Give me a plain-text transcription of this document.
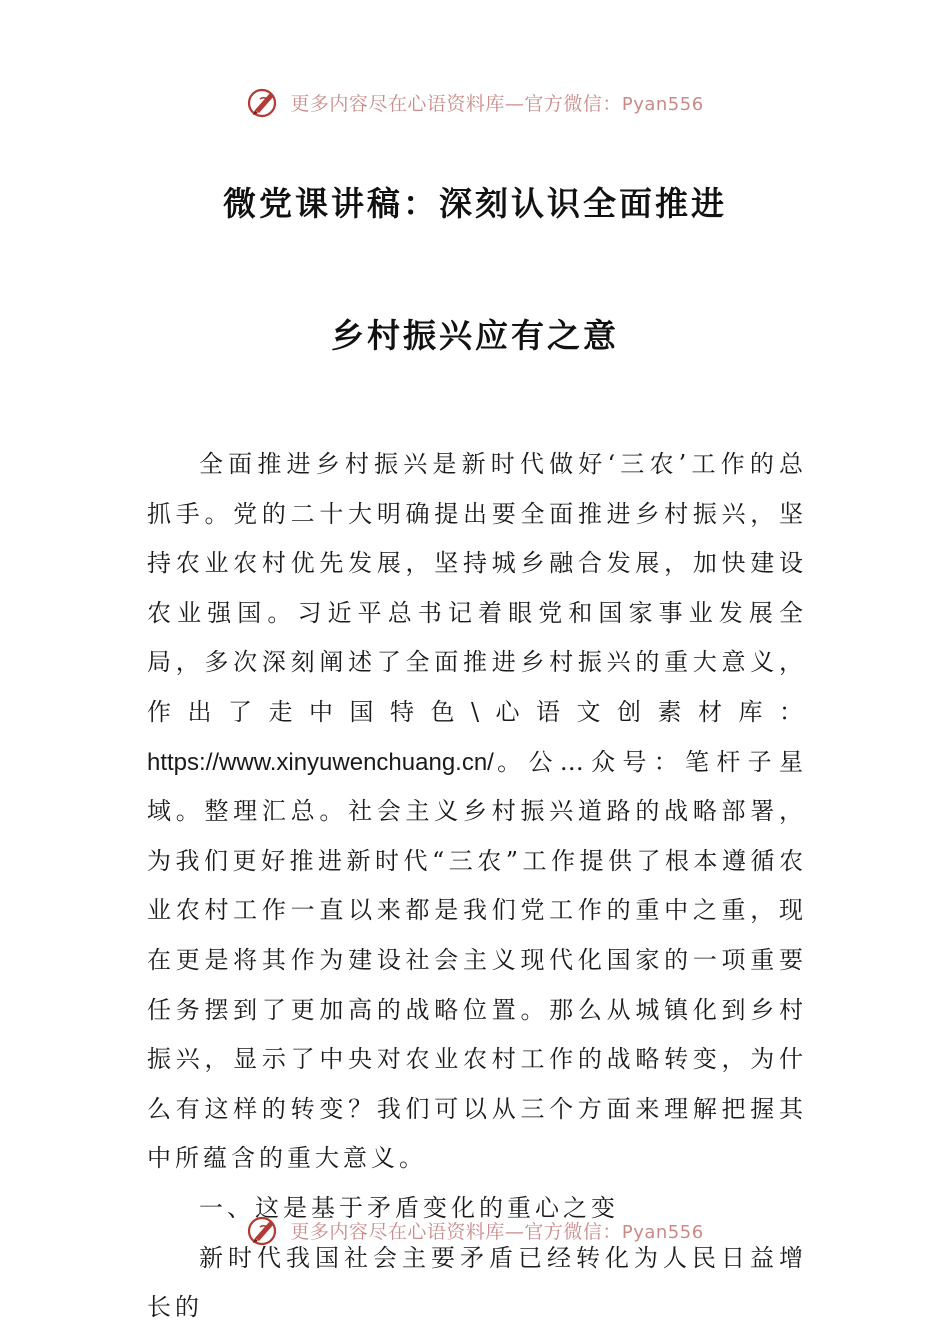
更多内容尽在心语资料库—官方微信：Pyan556
微党课讲稿：深刻认识全面推进
乡村振兴应有之意

全面推进乡村振兴是新时代做好‘三农’工作的总抓手。党的二十大明确提出要全面推进乡村振兴，坚持农业农村优先发展，坚持城乡融合发展，加快建设农业强国。习近平总书记着眼党和国家事业发展全局，多次深刻阐述了全面推进乡村振兴的重大意义，作出了走中国特色\心语文创素材库：https://www.xinyuwenchuang.cn/。公…众号：笔杆子星域。整理汇总。社会主义乡村振兴道路的战略部署，为我们更好推进新时代“三农”工作提供了根本遵循农业农村工作一直以来都是我们党工作的重中之重，现在更是将其作为建设社会主义现代化国家的一项重要任务摆到了更加高的战略位置。那么从城镇化到乡村振兴，显示了中央对农业农村工作的战略转变，为什么有这样的转变？我们可以从三个方面来理解把握其中所蕴含的重大意义。

一、这是基于矛盾变化的重心之变

新时代我国社会主要矛盾已经转化为人民日益增长的

更多内容尽在心语资料库—官方微信：Pyan556
